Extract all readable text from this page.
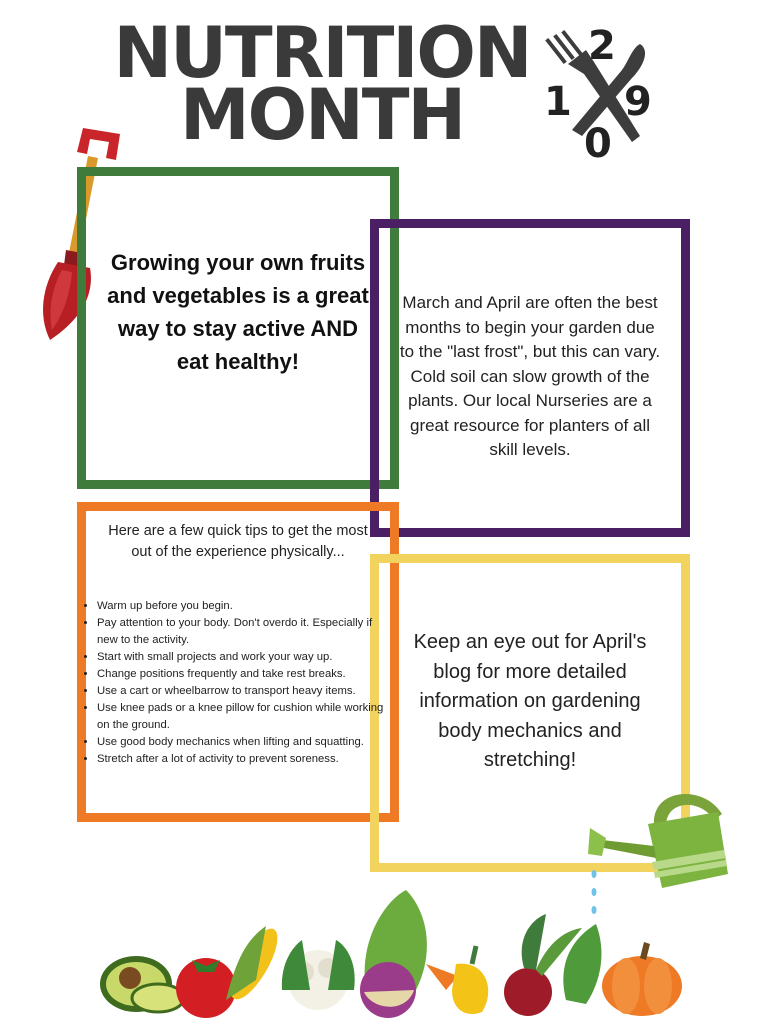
NUTRITION
MONTH
2
1 9
0
Growing your own fruits and vegetables is a great way to stay active AND eat healthy!
March and April are often the best months to begin your garden due to the "last frost", but this can vary. Cold soil can slow growth of the plants. Our local Nurseries are a great resource for planters of all skill levels.
Here are a few quick tips to get the most out of the experience physically...
• Warm up before you begin.
• Pay attention to your body. Don't overdo it. Especially if new to the activity.
• Start with small projects and work your way up.
• Change positions frequently and take rest breaks.
• Use a cart or wheelbarrow to transport heavy items.
• Use knee pads or a knee pillow for cushion while working on the ground.
• Use good body mechanics when lifting and squatting.
• Stretch after a lot of activity to prevent soreness.
Keep an eye out for April's blog for more detailed information on gardening body mechanics and stretching!
